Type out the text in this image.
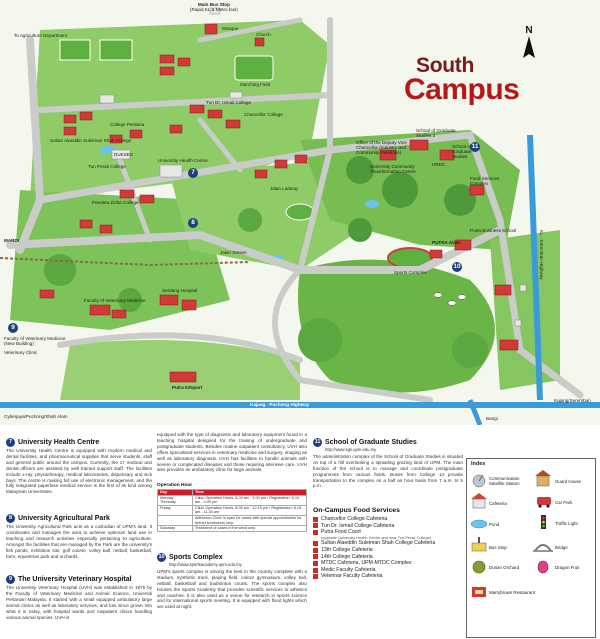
South
Campus
N
7
8
9
10
11
Main Bus Stop
(Rapid KL & Metro bus)
To Agriculture Department
Mosque
Church
Marching Field
Sultan Alaeddin Suleiman Shah College
Tun Dr. Ismail College
Chancellor College
College Perdana
DUKSES
Tun Perak College
University Health Centre
Jalan Ladang
Pendeta Za'ba College
MARDI
Office of the Deputy Vice Chancellor (Industry and Community Relations)
HRDC
University Community Transformation Centre
School of Graduate Studies 2
School of Graduate Studies
Food Services Complex
PUTRA Alam
Putra Business School
Sports Complex
Serdang Hospital
Faculty of Veterinary Medicine
Faculty of Veterinary Medicine (New Building)
Veterinary Clinic
Putra Infoport
Kajang - Puchong Highway
KL - Seremban Highway
Kajang/Seremban
Cyberjaya/Puchong/Shah Alam	Bangi
Jalan Stesen
7 University Health Centre

The University Health Centre is equipped with modern medical and dental facilities, and pharmaceutical supplies that serve students, staff and general public around the campus. Currently, the 17 medical and dental officers are assisted by well trained support staff. The facilities include x-ray, physiotherapy, medical laboratories, dispensary and sick bays. The centre is making full use of electronic management, and the fully integrated paperless medical service is the first of its kind among Malaysian Universities.

8 University Agricultural Park

The University Agricultural Park acts as a custodian of UPM's land. It coordinates and manages the area to achieve optimum land use in teaching and research activities especially pertaining to agriculture. Amongst the facilities that are managed by the Park are the university's fish ponds, exhibition site, golf course, volley ball, netball, basketball, farm, equestrian park and orchards.

9 The University Veterinary Hospital

The University Veterinary Hospital (UVH) was established in 1975 by the Faculty of Veterinary Medicine and Animal Science, Universiti Pertanian Malaysia. It started with a small equipped ambulatory large animal clinics as well as laboratory services, and has since grown into what it is today, with hospital wards and outpatient clinics handling various animal species. UVH is

equipped with the type of diagnostic and laboratory equipment found in a teaching hospital designed for the training of undergraduate and postgraduate students. Besides routine outpatient consultancy, UVH also offers specialised services in veterinary medicine and surgery, imaging as well as laboratory diagnosis. UVH has facilities to handle animals with severe or complicated diseases and those requiring intensive care. UVH also provides an ambulatory clinic for large animals.

Operation Hour
Day	Time
Monday - Thursday	Clinic Operation Hours: 8.00 am - 5.00 pm / Registration: 8.15 am - 4.00 pm
Friday	Clinic Operation Hours: 8.00 am - 12.15 pm / Registration: 8.15 am - 11.30 am
	Afternoon Clinic is open for cases with special appointments for further treatments only.
Saturday	Treatment of cases in the ward only.
10 Sports Complex

http://www.sportsacademy.upm.edu.my

UPM's sports complex is among the best in the country complete with a stadium, synthetic track, playing field, indoor gymnasium, volley ball, netball, basketball and badminton courts. The sports complex also houses the Sports Academy that provides scientific services to athletics and coaches. It is also used as a venue for research in sports science and for international sports meeting. It is equipped with flood lights which are used at night.

11 School of Graduate Studies

http://www.sgs.upm.edu.my

The administration complex of the School of Graduate Studies is situated on top of a hill overlooking a sprawling grazing land of UPM. The main function of the school is to manage and coordinate postgraduate programmes from various fields. Buses from College 14 provide transportation to the complex on a half an hour basis from 7 a.m. to 5 p.m.

On-Campus Food Services
Chancellor College Cafeteria
Tun Dr. Ismail College Cafeteria
Putra Food Court
(opposite University Health Centre and near Tun Perak College)
Sultan Alaeddin Suleiman Shah College Cafeteria
13th College Cafeteria
14th College Cafeteria
MTDC Cafeteria, UPM-MTDC Complex
Medic Faculty Cafeteria
Veterinar Faculty Cafeteria
Index
Communication Satellite Station	Guard House
Cafeteria	Car Park
Pond	Traffic Light
Bus Stop	Bridge
Durian Orchard	Dragon Fruit
Marrybrown Restaurant
